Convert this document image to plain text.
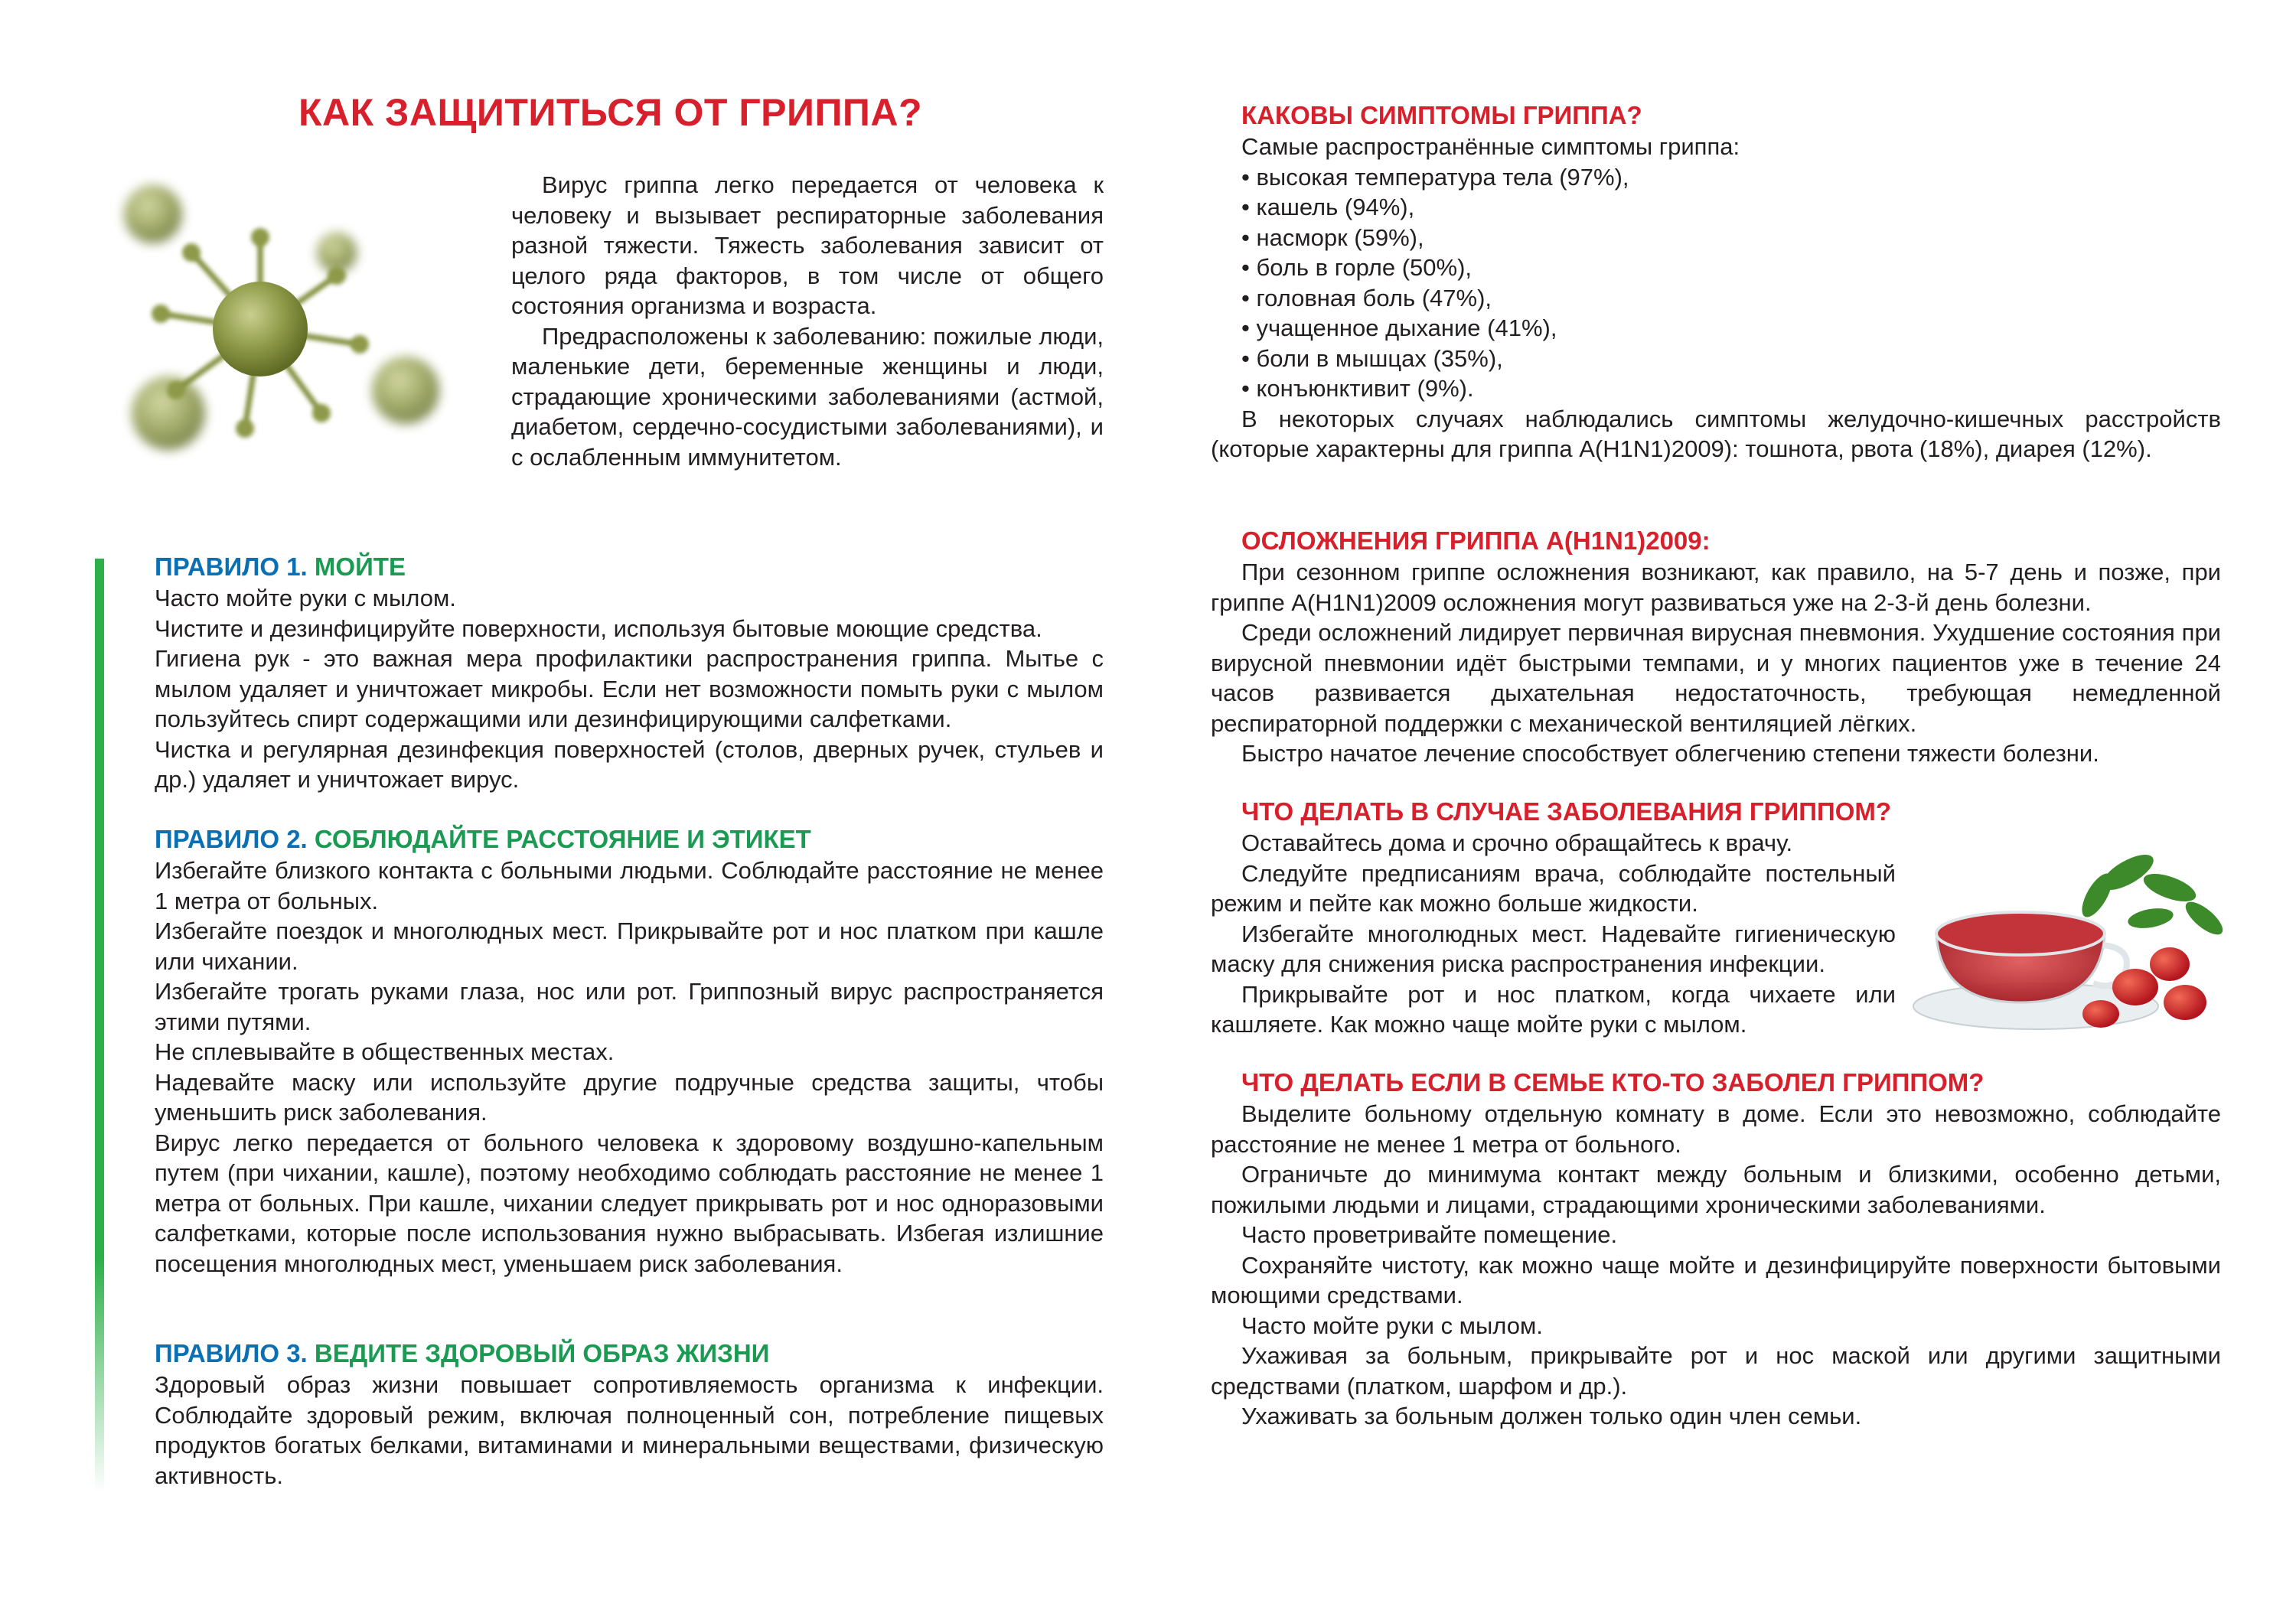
КАК ЗАЩИТИТЬСЯ ОТ ГРИППА?

Вирус гриппа легко передается от человека к человеку и вызывает респираторные заболевания разной тяжести. Тяжесть заболевания зависит от целого ряда факторов, в том числе от общего состояния организма и возраста.

Предрасположены к заболеванию: пожилые люди, маленькие дети, беременные женщины и люди, страдающие хроническими заболеваниями (астмой, диабетом, сердечно-сосудистыми заболеваниями), и с ослабленным иммунитетом.

ПРАВИЛО 1. МОЙТЕ

Часто мойте руки с мылом.

Чистите и дезинфицируйте поверхности, используя бытовые моющие средства.

Гигиена рук - это важная мера профилактики распространения гриппа. Мытье с мылом удаляет и уничтожает микробы. Если нет возможности помыть руки с мылом пользуйтесь спирт содержащими или дезинфицирующими салфетками.

Чистка и регулярная дезинфекция поверхностей (столов, дверных ручек, стульев и др.) удаляет и уничтожает вирус.

ПРАВИЛО 2. СОБЛЮДАЙТЕ РАССТОЯНИЕ И ЭТИКЕТ

Избегайте близкого контакта с больными людьми. Соблюдайте расстояние не менее 1 метра от больных.

Избегайте поездок и многолюдных мест. Прикрывайте рот и нос платком при кашле или чихании.

Избегайте трогать руками глаза, нос или рот. Гриппозный вирус распространяется этими путями.

Не сплевывайте в общественных местах.

Надевайте маску или используйте другие подручные средства защиты, чтобы уменьшить риск заболевания.

Вирус легко передается от больного человека к здоровому воздушно-капельным путем (при чихании, кашле), поэтому необходимо соблюдать расстояние не менее 1 метра от больных. При кашле, чихании следует прикрывать рот и нос одноразовыми салфетками, которые после использования нужно выбрасывать. Избегая излишние посещения многолюдных мест, уменьшаем риск заболевания.

ПРАВИЛО 3. ВЕДИТЕ ЗДОРОВЫЙ ОБРАЗ ЖИЗНИ

Здоровый образ жизни повышает сопротивляемость организма к инфекции. Соблюдайте здоровый режим, включая полноценный сон, потребление пищевых продуктов богатых белками, витаминами и минеральными веществами, физическую активность.

КАКОВЫ СИМПТОМЫ ГРИППА?

Самые распространённые симптомы гриппа:

• высокая температура тела (97%),

• кашель (94%),

• насморк (59%),

• боль в горле (50%),

• головная боль (47%),

• учащенное дыхание (41%),

• боли в мышцах (35%),

• конъюнктивит (9%).

В некоторых случаях наблюдались симптомы желудочно-кишечных расстройств (которые характерны для гриппа А(H1N1)2009): тошнота, рвота (18%), диарея (12%).

ОСЛОЖНЕНИЯ ГРИППА А(H1N1)2009:

При сезонном гриппе осложнения возникают, как правило, на 5-7 день и позже, при гриппе А(H1N1)2009 осложнения могут развиваться уже на 2-3-й день болезни.

Среди осложнений лидирует первичная вирусная пневмония. Ухудшение состояния при вирусной пневмонии идёт быстрыми темпами, и у многих пациентов уже в течение 24 часов развивается дыхательная недостаточность, требующая немедленной респираторной поддержки с механической вентиляцией лёгких.

Быстро начатое лечение способствует облегчению степени тяжести болезни.

ЧТО ДЕЛАТЬ В СЛУЧАЕ ЗАБОЛЕВАНИЯ ГРИППОМ?

Оставайтесь дома и срочно обращайтесь к врачу.

Следуйте предписаниям врача, соблюдайте постельный режим и пейте как можно больше жидкости.

Избегайте многолюдных мест. Надевайте гигиеническую маску для снижения риска распространения инфекции.

Прикрывайте рот и нос платком, когда чихаете или кашляете. Как можно чаще мойте руки с мылом.

ЧТО ДЕЛАТЬ ЕСЛИ В СЕМЬЕ КТО-ТО ЗАБОЛЕЛ ГРИППОМ?

Выделите больному отдельную комнату в доме. Если это невозможно, соблюдайте расстояние не менее 1 метра от больного.

Ограничьте до минимума контакт между больным и близкими, особенно детьми, пожилыми людьми и лицами, страдающими хроническими заболеваниями.

Часто проветривайте помещение.

Сохраняйте чистоту, как можно чаще мойте и дезинфицируйте поверхности бытовыми моющими средствами.

Часто мойте руки с мылом.

Ухаживая за больным, прикрывайте рот и нос маской или другими защитными средствами (платком, шарфом и др.).

Ухаживать за больным должен только один член семьи.
